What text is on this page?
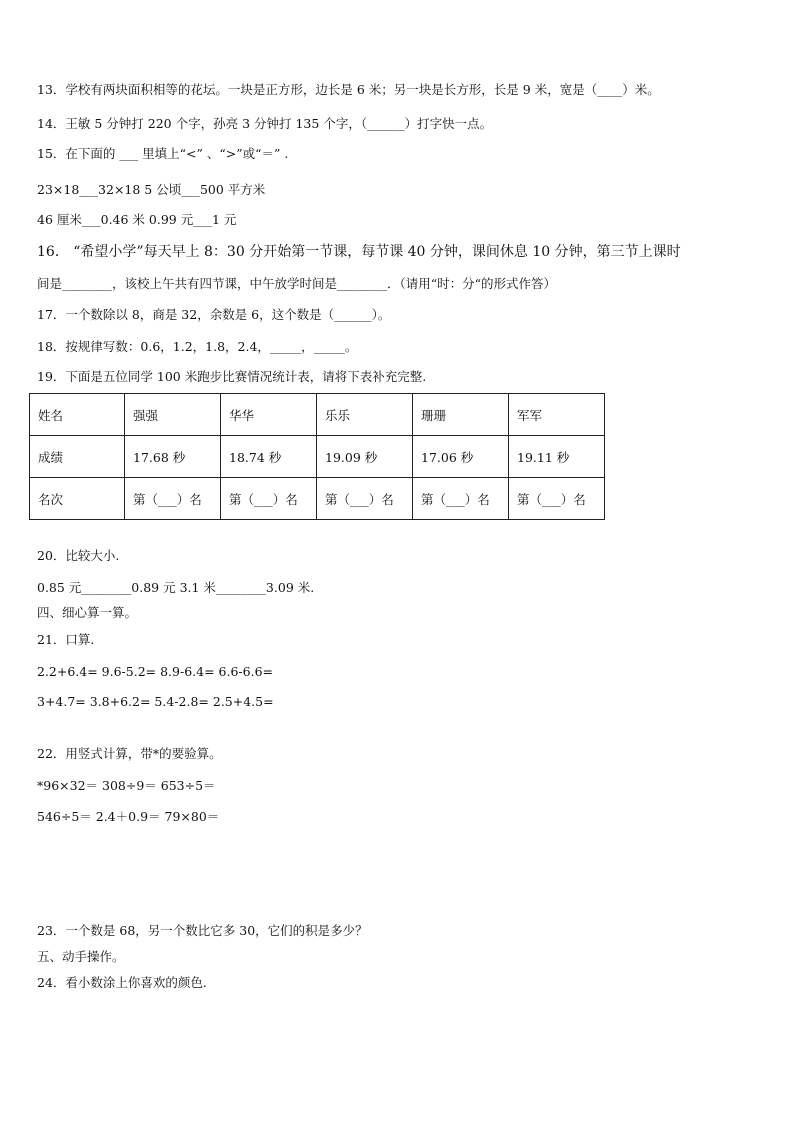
13．学校有两块面积相等的花坛。一块是正方形，边长是 6 米；另一块是长方形，长是 9 米，宽是（____）米。
14．王敏 5 分钟打 220 个字，孙亮 3 分钟打 135 个字，（______）打字快一点。
15．在下面的 ___ 里填上“<” 、“>”或“＝” .
23×18___32×18 5 公顷___500 平方米
46 厘米___0.46 米 0.99 元___1 元
16． “希望小学”每天早上 8：30 分开始第一节课，每节课 40 分钟，课间休息 10 分钟，第三节上课时
间是________，该校上午共有四节课，中午放学时间是________．（请用“时：分“的形式作答）
17．一个数除以 8，商是 32，余数是 6，这个数是（______）。
18．按规律写数：0.6，1.2，1.8，2.4，_____，_____。
19．下面是五位同学 100 米跑步比赛情况统计表，请将下表补充完整.
姓名	强强	华华	乐乐	珊珊	军军
成绩	17.68 秒	18.74 秒	19.09 秒	17.06 秒	19.11 秒
名次	第（___）名	第（___）名	第（___）名	第（___）名	第（___）名
20．比较大小.
0.85 元________0.89 元 3.1 米________3.09 米.
四、细心算一算。
21．口算.
2.2+6.4= 9.6-5.2= 8.9-6.4= 6.6-6.6=
3+4.7= 3.8+6.2= 5.4-2.8= 2.5+4.5=
22．用竖式计算，带*的要验算。
*96×32＝ 308÷9＝ 653÷5＝
546÷5＝ 2.4＋0.9＝ 79×80＝
23．一个数是 68，另一个数比它多 30，它们的积是多少？
五、动手操作。
24．看小数涂上你喜欢的颜色.
